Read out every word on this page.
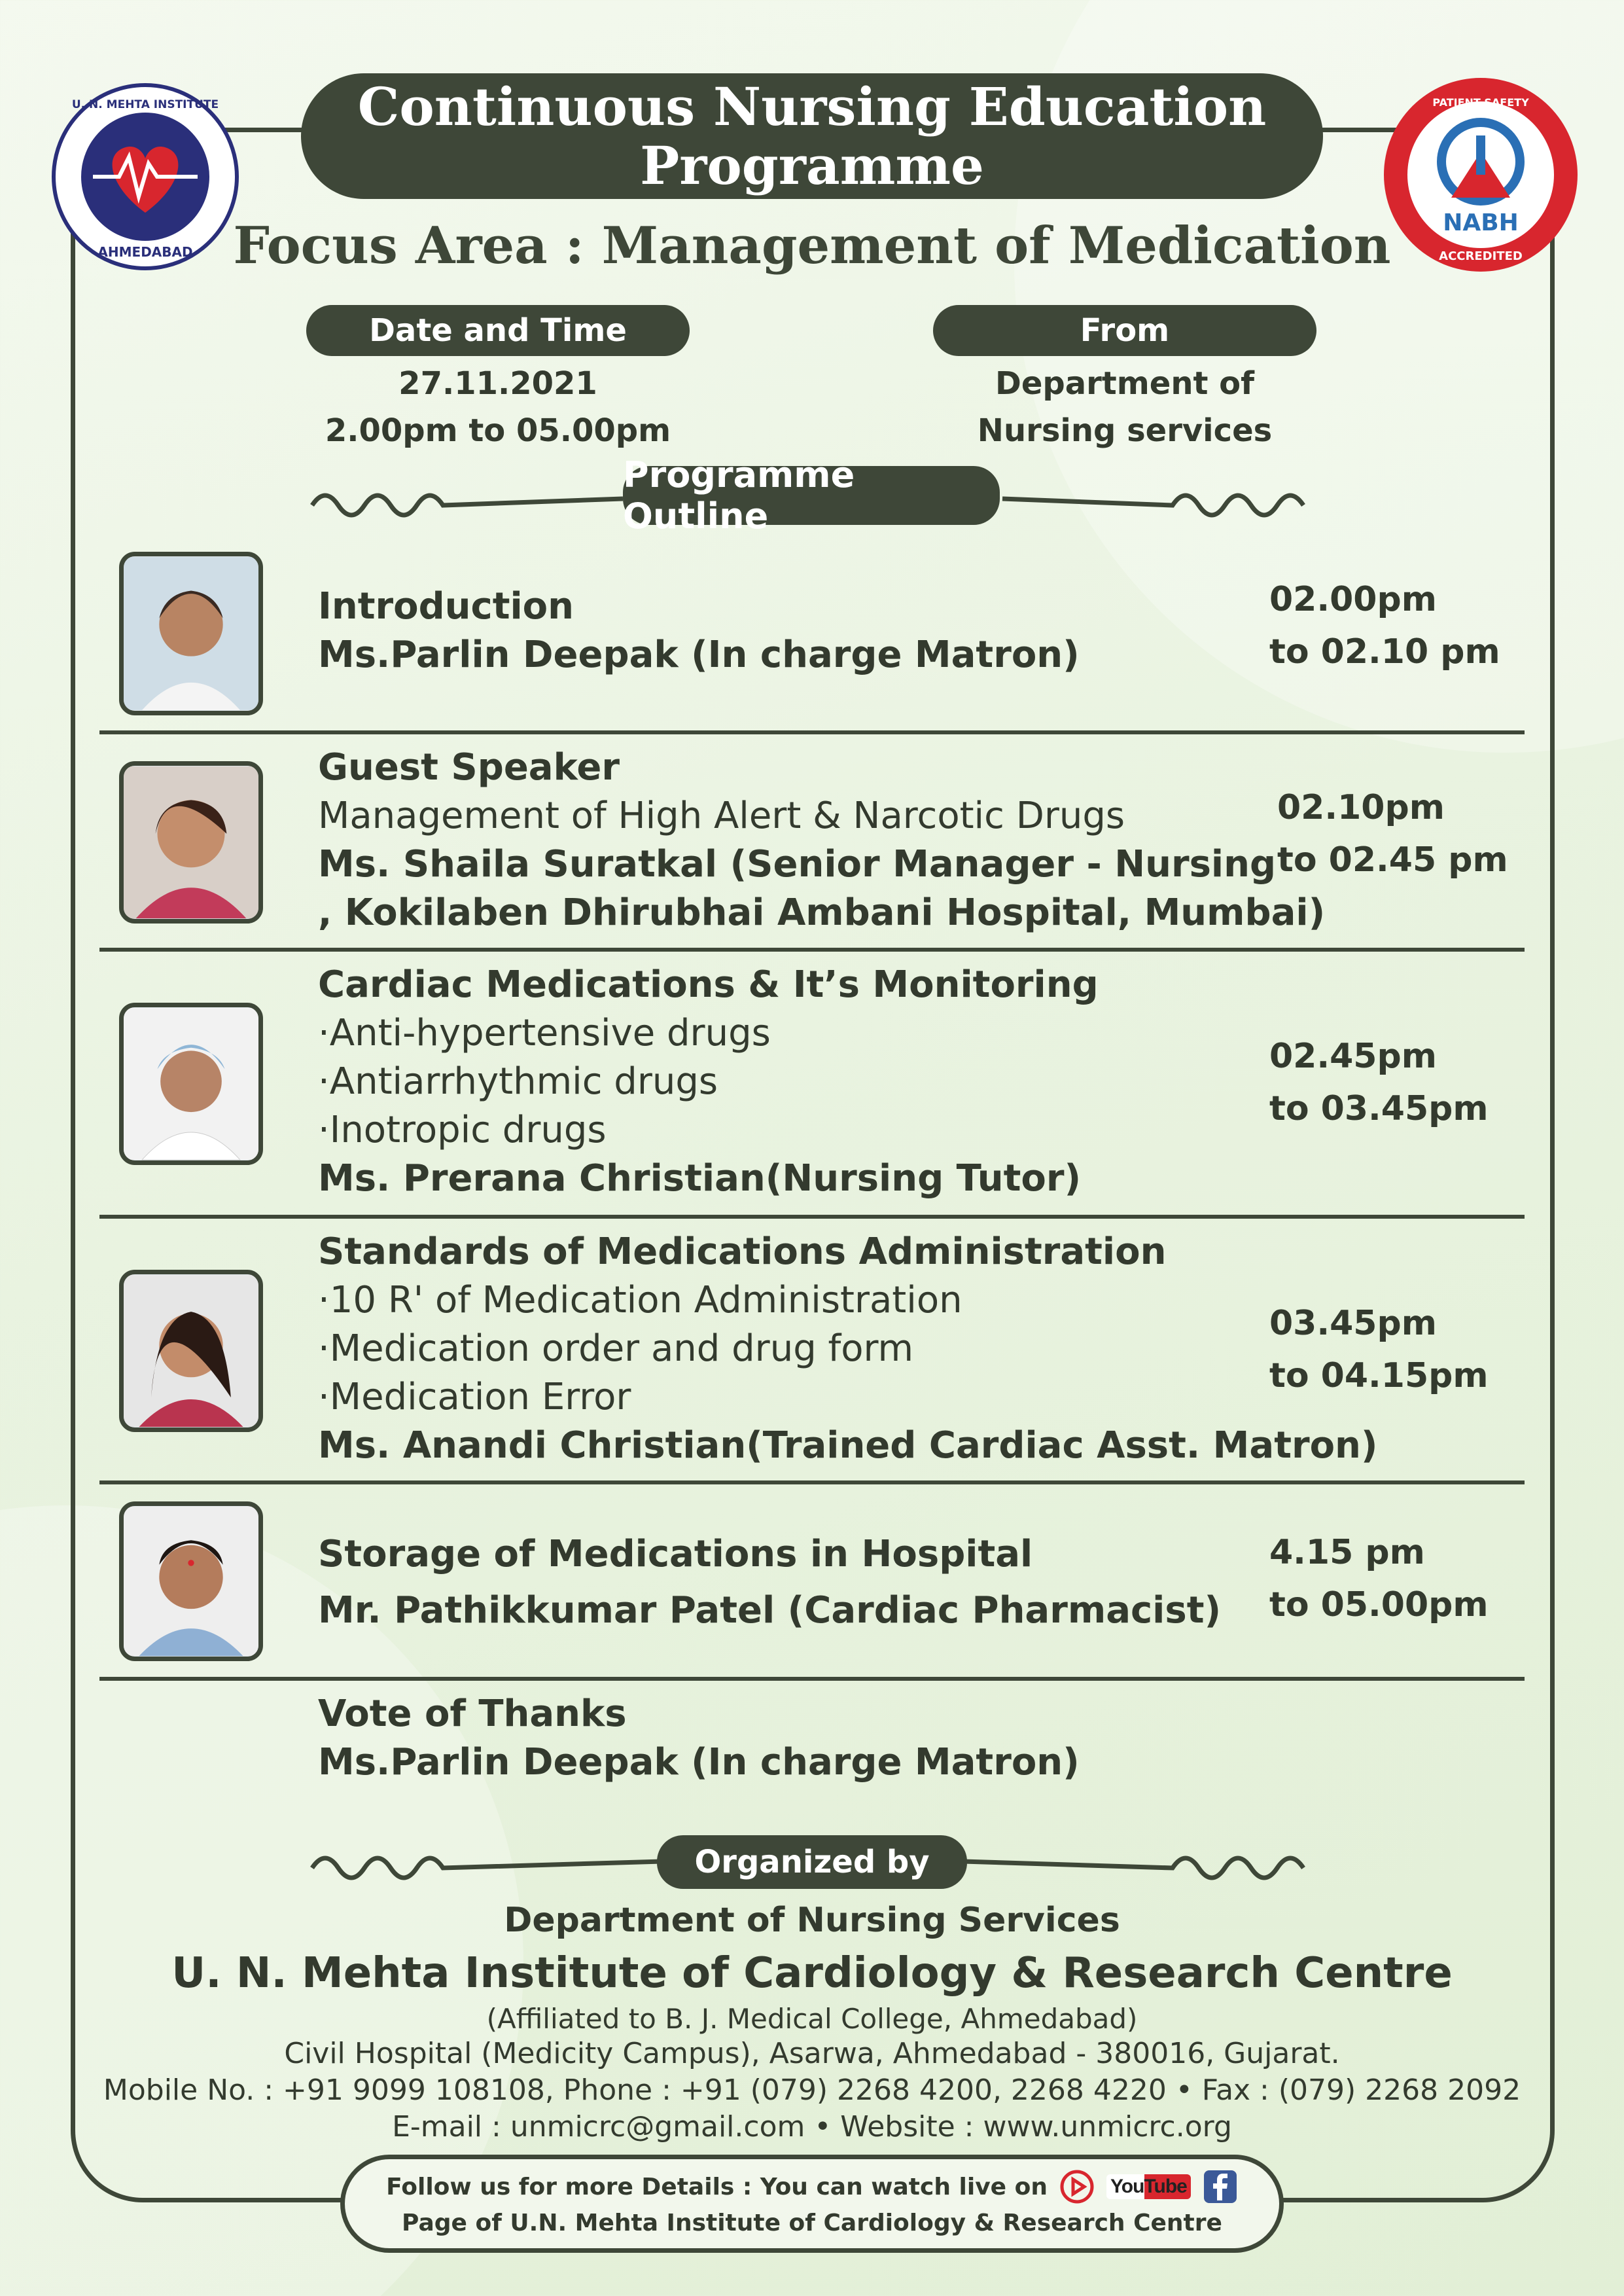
U. N. MEHTA INSTITUTE
AHMEDABAD
NABH
PATIENT SAFETY
ACCREDITED
Continuous Nursing Education
Programme
Focus Area : Management of Medication
Date and Time
27.11.2021
2.00pm to 05.00pm
From
Department of
Nursing services
Programme Outline
Introduction
Ms.Parlin Deepak (In charge Matron)
02.00pm
to 02.10 pm
Guest Speaker
Management of High Alert & Narcotic Drugs
Ms. Shaila Suratkal (Senior Manager - Nursing
, Kokilaben Dhirubhai Ambani Hospital, Mumbai)
02.10pm
to 02.45 pm
Cardiac Medications & It’s Monitoring
·Anti-hypertensive drugs
·Antiarrhythmic drugs
·Inotropic drugs
Ms. Prerana Christian(Nursing Tutor)
02.45pm
to 03.45pm
Standards of Medications Administration
·10 R' of Medication Administration
·Medication order and drug form
·Medication Error
Ms. Anandi Christian(Trained Cardiac Asst. Matron)
03.45pm
to 04.15pm
Storage of Medications in Hospital
Mr. Pathikkumar Patel (Cardiac Pharmacist)
4.15 pm
to 05.00pm
Vote of Thanks
Ms.Parlin Deepak (In charge Matron)
Organized by
Department of Nursing Services
U. N. Mehta Institute of Cardiology & Research Centre
(Affiliated to B. J. Medical College, Ahmedabad)
Civil Hospital (Medicity Campus), Asarwa, Ahmedabad - 380016, Gujarat.
Mobile No. : +91 9099 108108, Phone : +91 (079) 2268 4200, 2268 4220 • Fax : (079) 2268 2092
E-mail : unmicrc@gmail.com • Website : www.unmicrc.org
Follow us for more Details : You can watch live on	YouTube
Page of U.N. Mehta Institute of Cardiology & Research Centre
